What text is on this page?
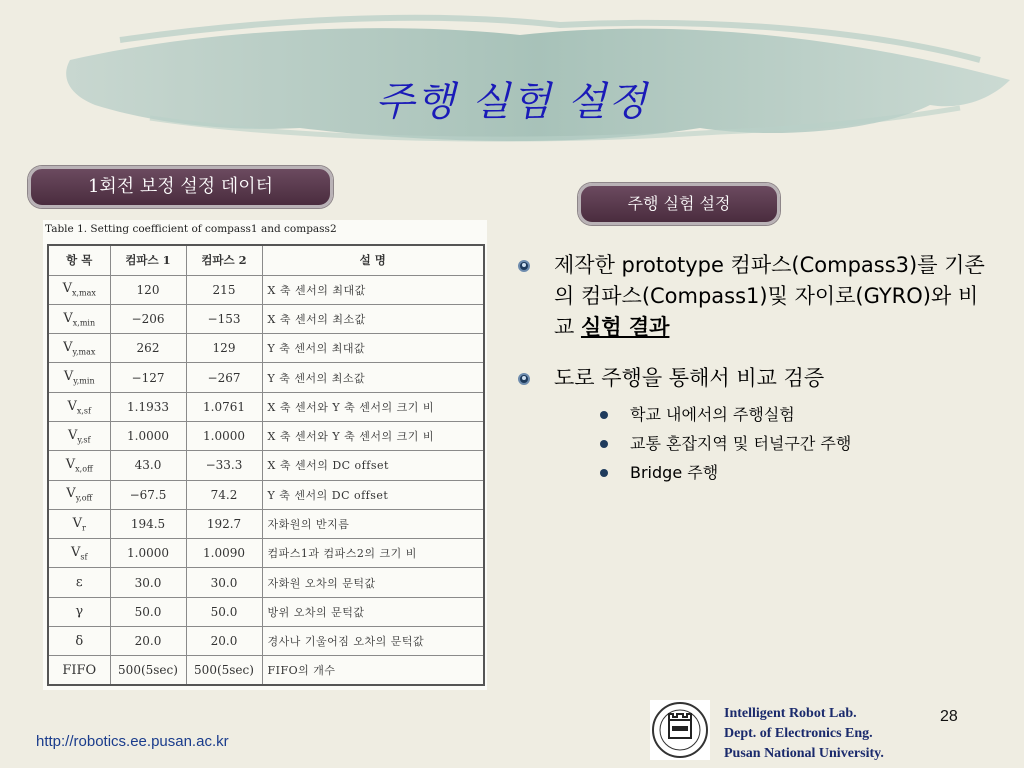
주행 실험 설정
1회전 보정 설정 데이터
주행 실험 설정
Table 1. Setting coefficient of compass1 and compass2
항 목	컴파스 1	컴파스 2	설 명
$V_{x,max}$	120	215	X 축 센서의 최대값
$V_{x,min}$	−206	−153	X 축 센서의 최소값
$V_{y,max}$	262	129	Y 축 센서의 최대값
$V_{y,min}$	−127	−267	Y 축 센서의 최소값
$V_{x,sf}$	1.1933	1.0761	X 축 센서와 Y 축 센서의 크기 비
$V_{y,sf}$	1.0000	1.0000	X 축 센서와 Y 축 센서의 크기 비
$V_{x,off}$	43.0	−33.3	X 축 센서의 DC offset
$V_{y,off}$	−67.5	74.2	Y 축 센서의 DC offset
$V_r$	194.5	192.7	자화원의 반지름
$V_{sf}$	1.0000	1.0090	컴파스1과 컴파스2의 크기 비
ε	30.0	30.0	자화원 오차의 문턱값
γ	50.0	50.0	방위 오차의 문턱값
δ	20.0	20.0	경사나 기울어짐 오차의 문턱값
FIFO	500(5sec)	500(5sec)	FIFO의 개수
제작한 prototype 컴파스(Compass3)를 기존의 컴파스(Compass1)및 자이로(GYRO)와 비교 실험 결과
도로 주행을 통해서 비교 검증
학교 내에서의 주행실험
교통 혼잡지역 및 터널구간 주행
Bridge 주행
http://robotics.ee.pusan.ac.kr
Intelligent Robot Lab.
Dept. of Electronics Eng.
Pusan National University.
28
